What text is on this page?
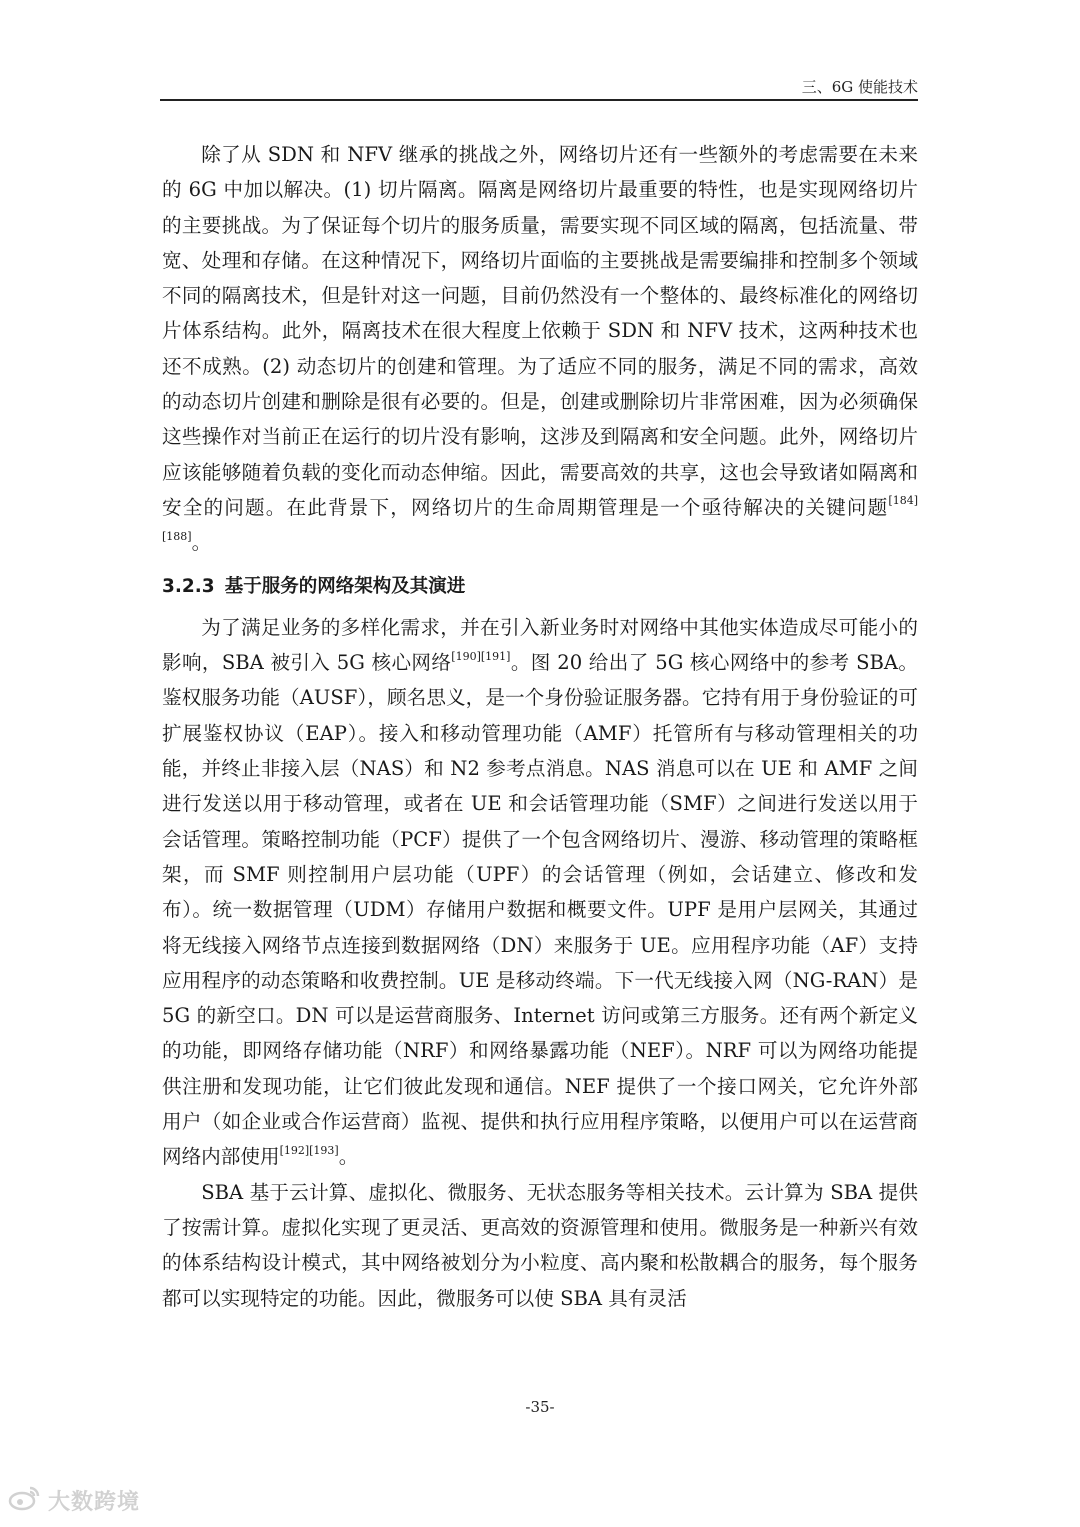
三、6G 使能技术

除了从 SDN 和 NFV 继承的挑战之外，网络切片还有一些额外的考虑需要在未来的 6G 中加以解决。(1) 切片隔离。隔离是网络切片最重要的特性，也是实现网络切片的主要挑战。为了保证每个切片的服务质量，需要实现不同区域的隔离，包括流量、带宽、处理和存储。在这种情况下，网络切片面临的主要挑战是需要编排和控制多个领域不同的隔离技术，但是针对这一问题，目前仍然没有一个整体的、最终标准化的网络切片体系结构。此外，隔离技术在很大程度上依赖于 SDN 和 NFV 技术，这两种技术也还不成熟。(2) 动态切片的创建和管理。为了适应不同的服务，满足不同的需求，高效的动态切片创建和删除是很有必要的。但是，创建或删除切片非常困难，因为必须确保这些操作对当前正在运行的切片没有影响，这涉及到隔离和安全问题。此外，网络切片应该能够随着负载的变化而动态伸缩。因此，需要高效的共享，这也会导致诸如隔离和安全的问题。在此背景下，网络切片的生命周期管理是一个亟待解决的关键问题[184][188]。

3.2.3 基于服务的网络架构及其演进

为了满足业务的多样化需求，并在引入新业务时对网络中其他实体造成尽可能小的影响，SBA 被引入 5G 核心网络[190][191]。图 20 给出了 5G 核心网络中的参考 SBA。鉴权服务功能（AUSF），顾名思义，是一个身份验证服务器。它持有用于身份验证的可扩展鉴权协议（EAP）。接入和移动管理功能（AMF）托管所有与移动管理相关的功能，并终止非接入层（NAS）和 N2 参考点消息。NAS 消息可以在 UE 和 AMF 之间进行发送以用于移动管理，或者在 UE 和会话管理功能（SMF）之间进行发送以用于会话管理。策略控制功能（PCF）提供了一个包含网络切片、漫游、移动管理的策略框架，而 SMF 则控制用户层功能（UPF）的会话管理（例如，会话建立、修改和发布）。统一数据管理（UDM）存储用户数据和概要文件。UPF 是用户层网关，其通过将无线接入网络节点连接到数据网络（DN）来服务于 UE。应用程序功能（AF）支持应用程序的动态策略和收费控制。UE 是移动终端。下一代无线接入网（NG-RAN）是 5G 的新空口。DN 可以是运营商服务、Internet 访问或第三方服务。还有两个新定义的功能，即网络存储功能（NRF）和网络暴露功能（NEF）。NRF 可以为网络功能提供注册和发现功能，让它们彼此发现和通信。NEF 提供了一个接口网关，它允许外部用户（如企业或合作运营商）监视、提供和执行应用程序策略，以便用户可以在运营商网络内部使用[192][193]。

SBA 基于云计算、虚拟化、微服务、无状态服务等相关技术。云计算为 SBA 提供了按需计算。虚拟化实现了更灵活、更高效的资源管理和使用。微服务是一种新兴有效的体系结构设计模式，其中网络被划分为小粒度、高内聚和松散耦合的服务，每个服务都可以实现特定的功能。因此，微服务可以使 SBA 具有灵活

-35-
大数跨境
